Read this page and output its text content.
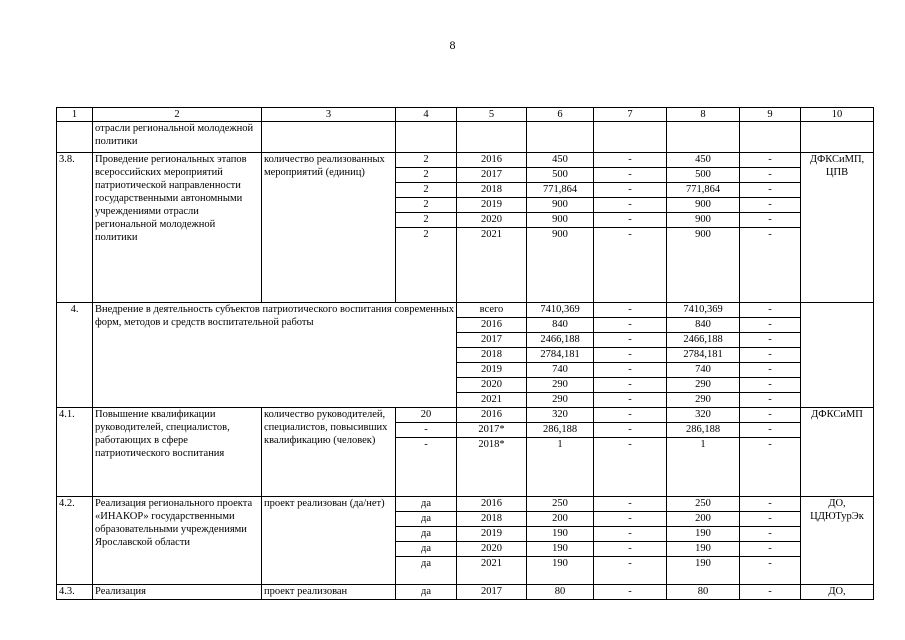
8
1	2	3	4	5	6	7	8	9	10
	отрасли региональной молодежной политики								
3.8.	Проведение региональных этапов всероссийских мероприятий патриотической направленности государственными автономными учреждениями отрасли региональной молодежной политики	количество реализованных мероприятий (единиц)	2	2016	450	-	450	-	ДФКСиМП, ЦПВ
			2	2017	500	-	500	-	
			2	2018	771,864	-	771,864	-	
			2	2019	900	-	900	-	
			2	2020	900	-	900	-	
			2	2021	900	-	900	-	
4.	Внедрение в деятельность субъектов патриотического воспитания современных форм, методов и средств воспитательной работы			всего	7410,369	-	7410,369	-	
				2016	840	-	840	-	
				2017	2466,188	-	2466,188	-	
				2018	2784,181	-	2784,181	-	
				2019	740	-	740	-	
				2020	290	-	290	-	
				2021	290	-	290	-	
4.1.	Повышение квалификации руководителей, специалистов, работающих в сфере патриотического воспитания	количество руководителей, специалистов, повысивших квалификацию (человек)	20	2016	320	-	320	-	ДФКСиМП
			-	2017*	286,188	-	286,188	-	
			-	2018*	1	-	1	-	
4.2.	Реализация регионального проекта «ИНАКОР» государственными образовательными учреждениями Ярославской области	проект реализован (да/нет)	да	2016	250	-	250	-	ДО, ЦДЮТурЭк
			да	2018	200	-	200	-	
			да	2019	190	-	190	-	
			да	2020	190	-	190	-	
			да	2021	190	-	190	-	
4.3.	Реализация	проект реализован	да	2017	80	-	80	-	ДО,
